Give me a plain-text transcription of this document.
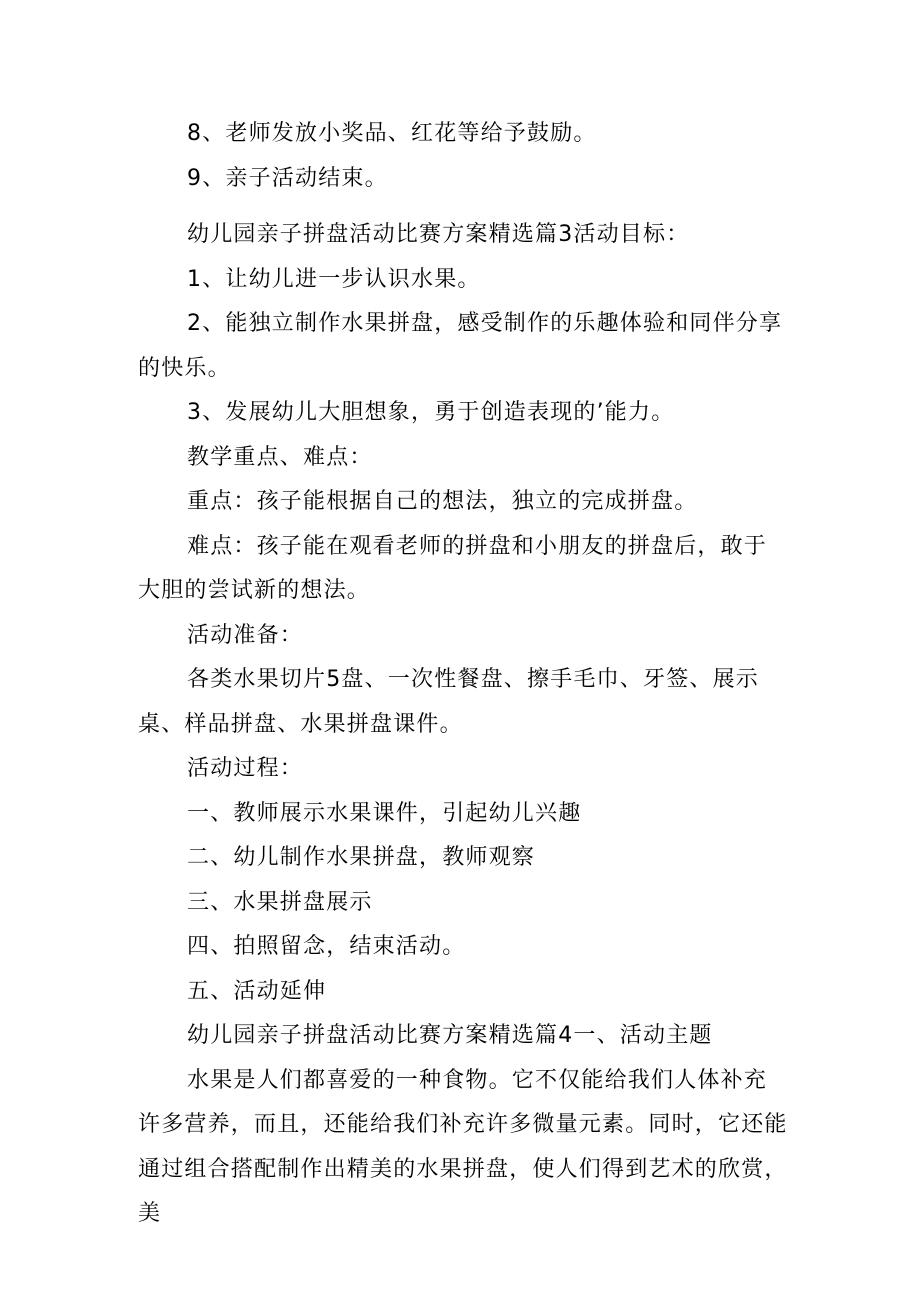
8、老师发放小奖品、红花等给予鼓励。

9、亲子活动结束。

幼儿园亲子拼盘活动比赛方案精选篇3活动目标：

1、让幼儿进一步认识水果。

2、能独立制作水果拼盘，感受制作的乐趣体验和同伴分享的快乐。

3、发展幼儿大胆想象，勇于创造表现的’能力。

教学重点、难点：

重点：孩子能根据自己的想法，独立的完成拼盘。

难点：孩子能在观看老师的拼盘和小朋友的拼盘后，敢于大胆的尝试新的想法。

活动准备：

各类水果切片5盘、一次性餐盘、擦手毛巾、牙签、展示桌、样品拼盘、水果拼盘课件。

活动过程：

一、教师展示水果课件，引起幼儿兴趣

二、幼儿制作水果拼盘，教师观察

三、水果拼盘展示

四、拍照留念，结束活动。

五、活动延伸

幼儿园亲子拼盘活动比赛方案精选篇4一、活动主题

水果是人们都喜爱的一种食物。它不仅能给我们人体补充许多营养，而且，还能给我们补充许多微量元素。同时，它还能通过组合搭配制作出精美的水果拼盘，使人们得到艺术的欣赏，美
